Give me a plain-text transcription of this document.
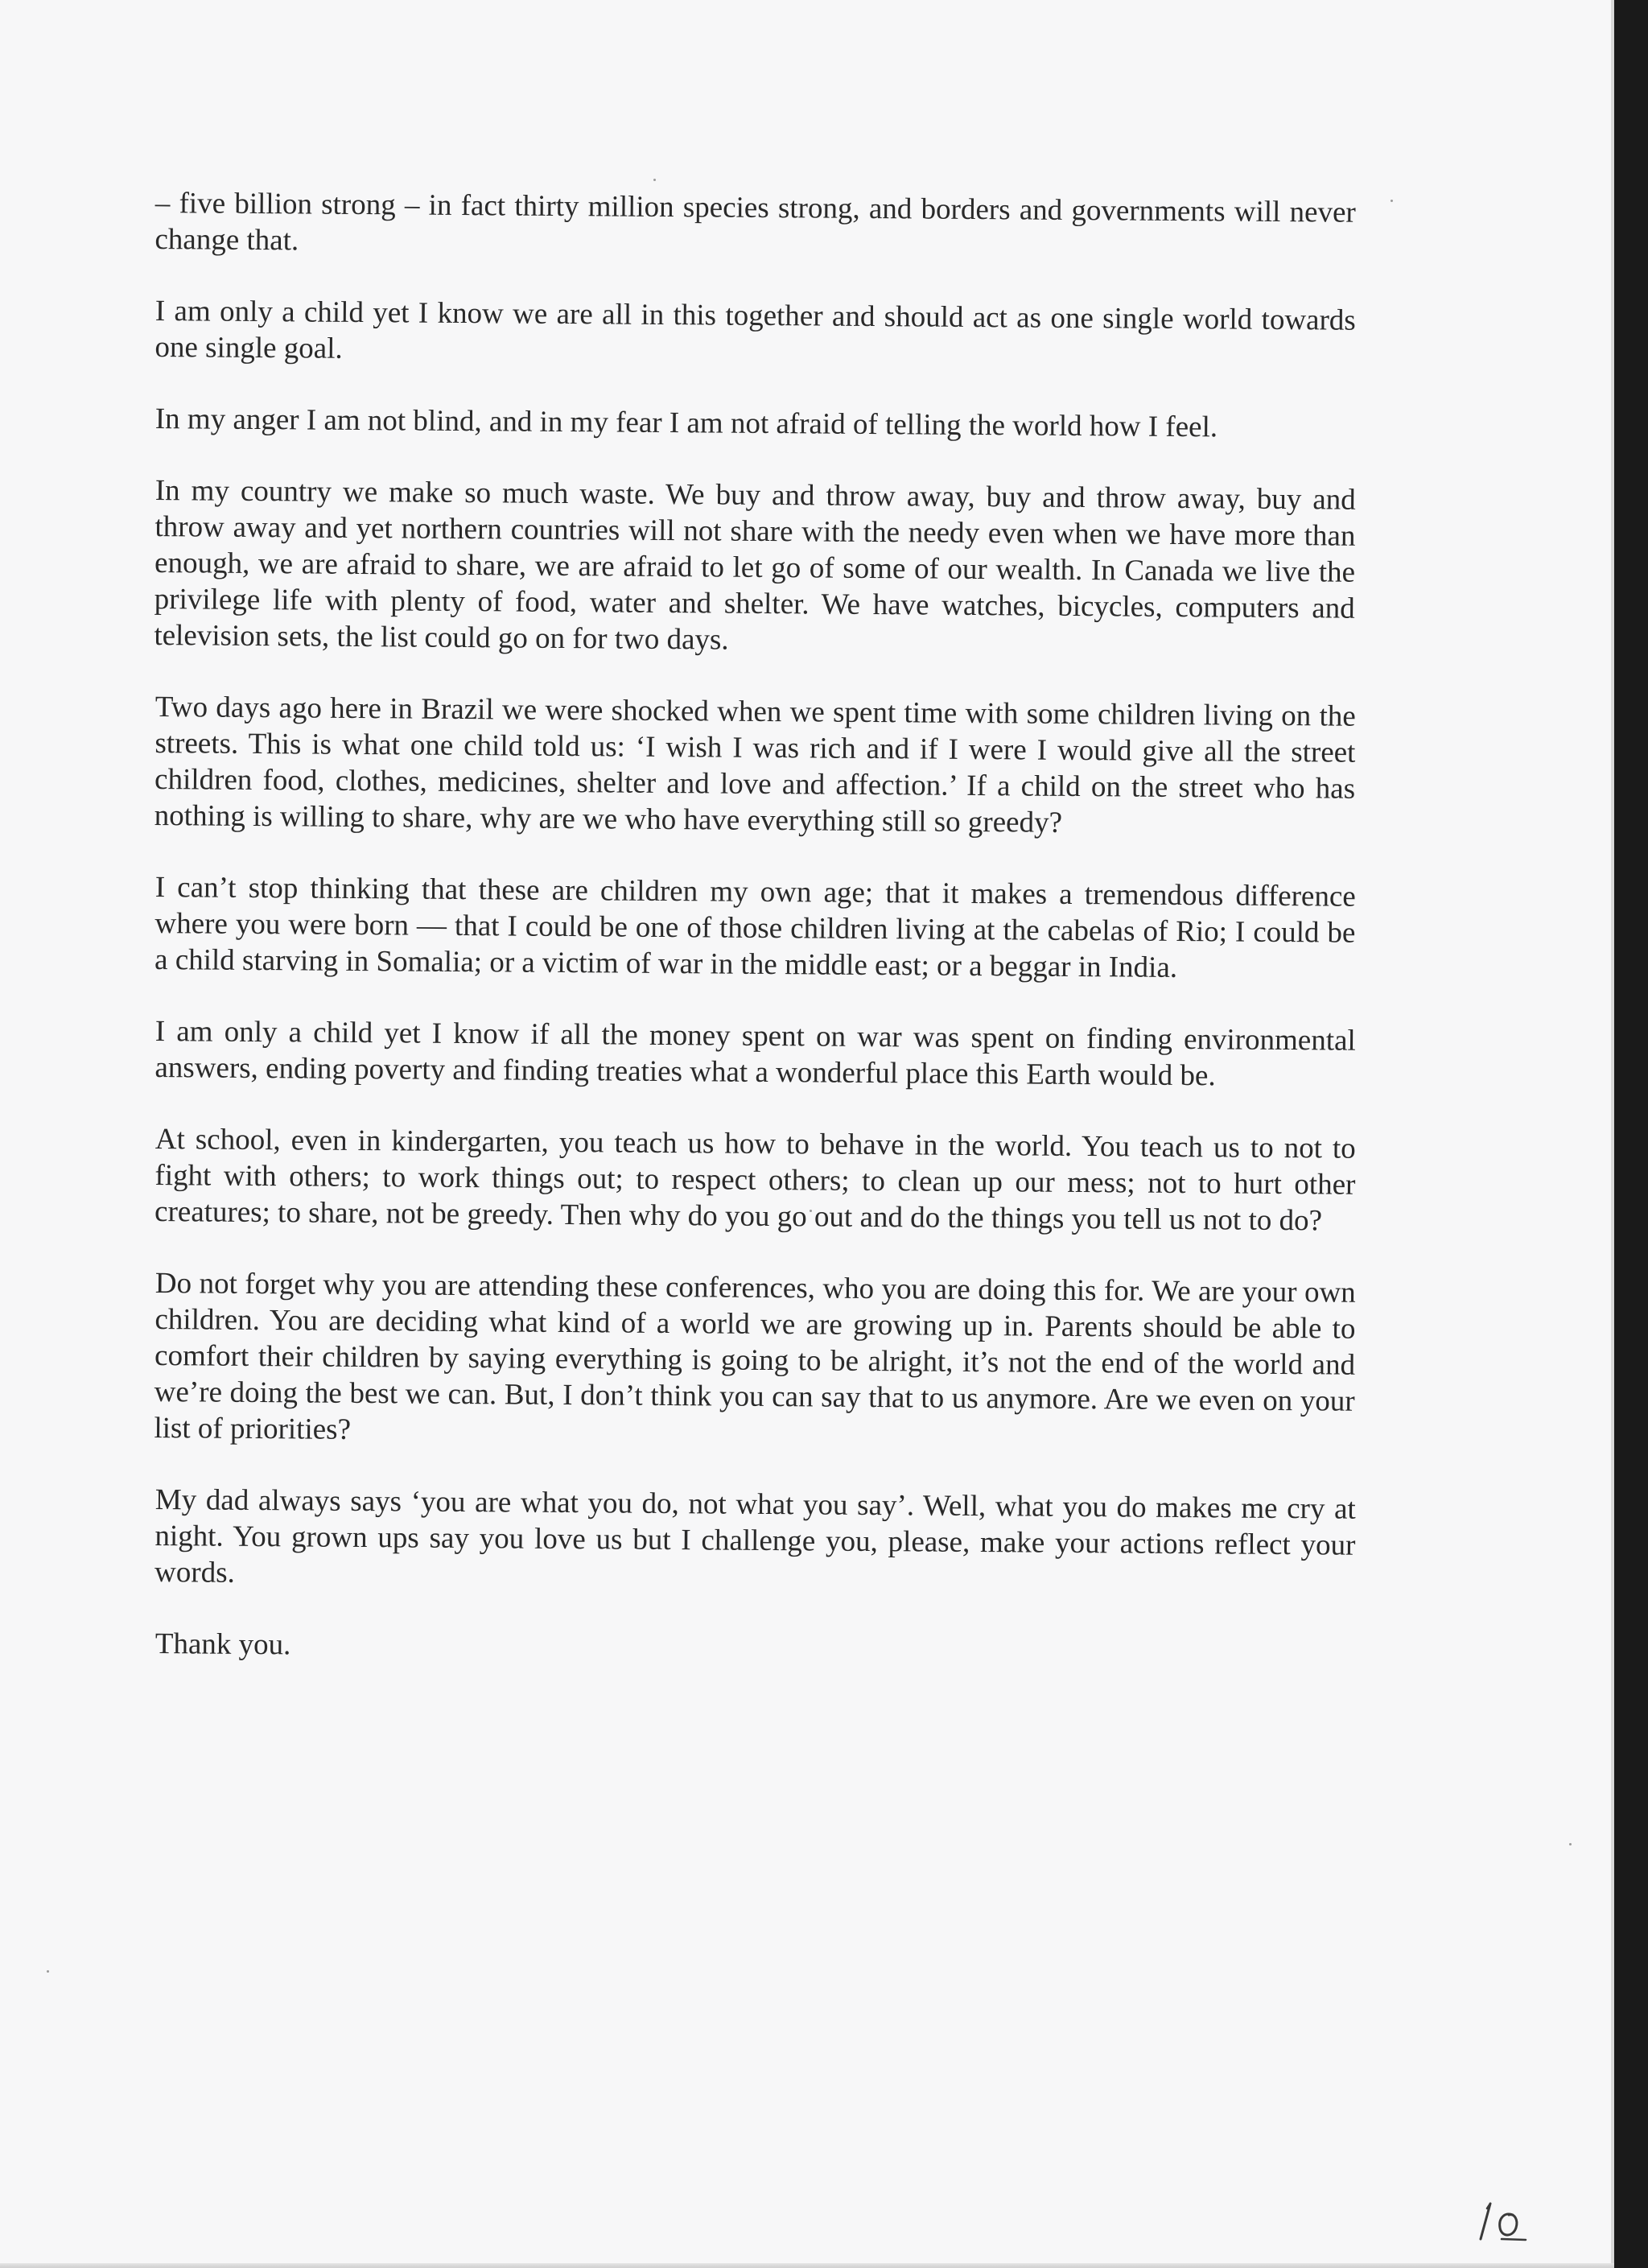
– five billion strong – in fact thirty million species strong, and borders and governments will never change that.

I am only a child yet I know we are all in this together and should act as one single world towards one single goal.

In my anger I am not blind, and in my fear I am not afraid of telling the world how I feel.

In my country we make so much waste. We buy and throw away, buy and throw away, buy and throw away and yet northern countries will not share with the needy even when we have more than enough, we are afraid to share, we are afraid to let go of some of our wealth. In Canada we live the privilege life with plenty of food, water and shelter. We have watches, bicycles, computers and television sets, the list could go on for two days.

Two days ago here in Brazil we were shocked when we spent time with some children living on the streets. This is what one child told us: ‘I wish I was rich and if I were I would give all the street children food, clothes, medicines, shelter and love and affection.’ If a child on the street who has nothing is willing to share, why are we who have everything still so greedy?

I can’t stop thinking that these are children my own age; that it makes a tremendous difference where you were born — that I could be one of those children living at the cabelas of Rio; I could be a child starving in Somalia; or a victim of war in the middle east; or a beggar in India.

I am only a child yet I know if all the money spent on war was spent on finding environmental answers, ending poverty and finding treaties what a wonderful place this Earth would be.

At school, even in kindergarten, you teach us how to behave in the world. You teach us to not to fight with others; to work things out; to respect others; to clean up our mess; not to hurt other creatures; to share, not be greedy. Then why do you go out and do the things you tell us not to do?

Do not forget why you are attending these conferences, who you are doing this for. We are your own children. You are deciding what kind of a world we are growing up in. Parents should be able to comfort their children by saying everything is going to be alright, it’s not the end of the world and we’re doing the best we can. But, I don’t think you can say that to us anymore. Are we even on your list of priorities?

My dad always says ‘you are what you do, not what you say’. Well, what you do makes me cry at night. You grown ups say you love us but I challenge you, please, make your actions reflect your words.

Thank you.
